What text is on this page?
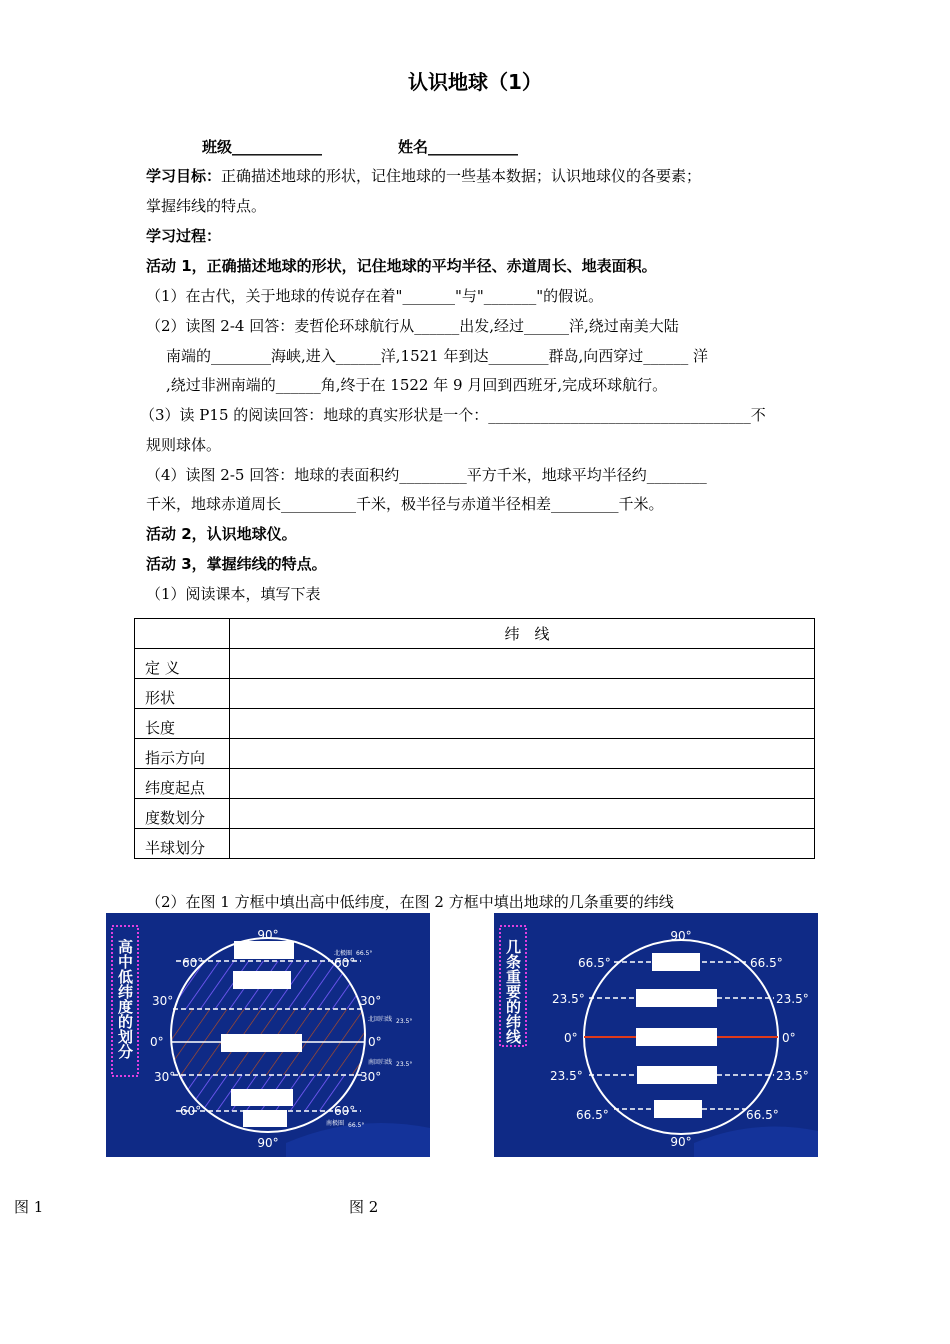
认识地球（1）
班级____________	姓名____________
学习目标：正确描述地球的形状，记住地球的一些基本数据；认识地球仪的各要素；
掌握纬线的特点。
学习过程：
活动 1，正确描述地球的形状，记住地球的平均半径、赤道周长、地表面积。
（1）在古代，关于地球的传说存在着"_______"与"_______"的假说。
（2）读图 2-4 回答：麦哲伦环球航行从______出发,经过______洋,绕过南美大陆
南端的________海峡,进入______洋,1521 年到达________群岛,向西穿过______ 洋
,绕过非洲南端的______角,终于在 1522 年 9 月回到西班牙,完成环球航行。
（3）读 P15 的阅读回答：地球的真实形状是一个：___________________________________不
规则球体。
（4）读图 2-5 回答：地球的表面积约_________平方千米，地球平均半径约________
千米，地球赤道周长__________千米，极半径与赤道半径相差_________千米。
活动 2，认识地球仪。
活动 3，掌握纬线的特点。
（1）阅读课本，填写下表
	纬　线
定 义	
形状	
长度	
指示方向	
纬度起点	
度数划分	
半球划分	
（2）在图 1 方框中填出高中低纬度，在图 2 方框中填出地球的几条重要的纬线
高中低纬度的划分
90°
90°
60°
30°
0°
30°
60°
60°
30°
0°
30°
60°
北极圈 66.5°
北回归线 23.5°
南回归线 23.5°
南极圈 66.5°
几条重要的纬线
90°
90°
66.5°
23.5°
0°
23.5°
66.5°
66.5°
23.5°
0°
23.5°
66.5°
图 1	图 2
